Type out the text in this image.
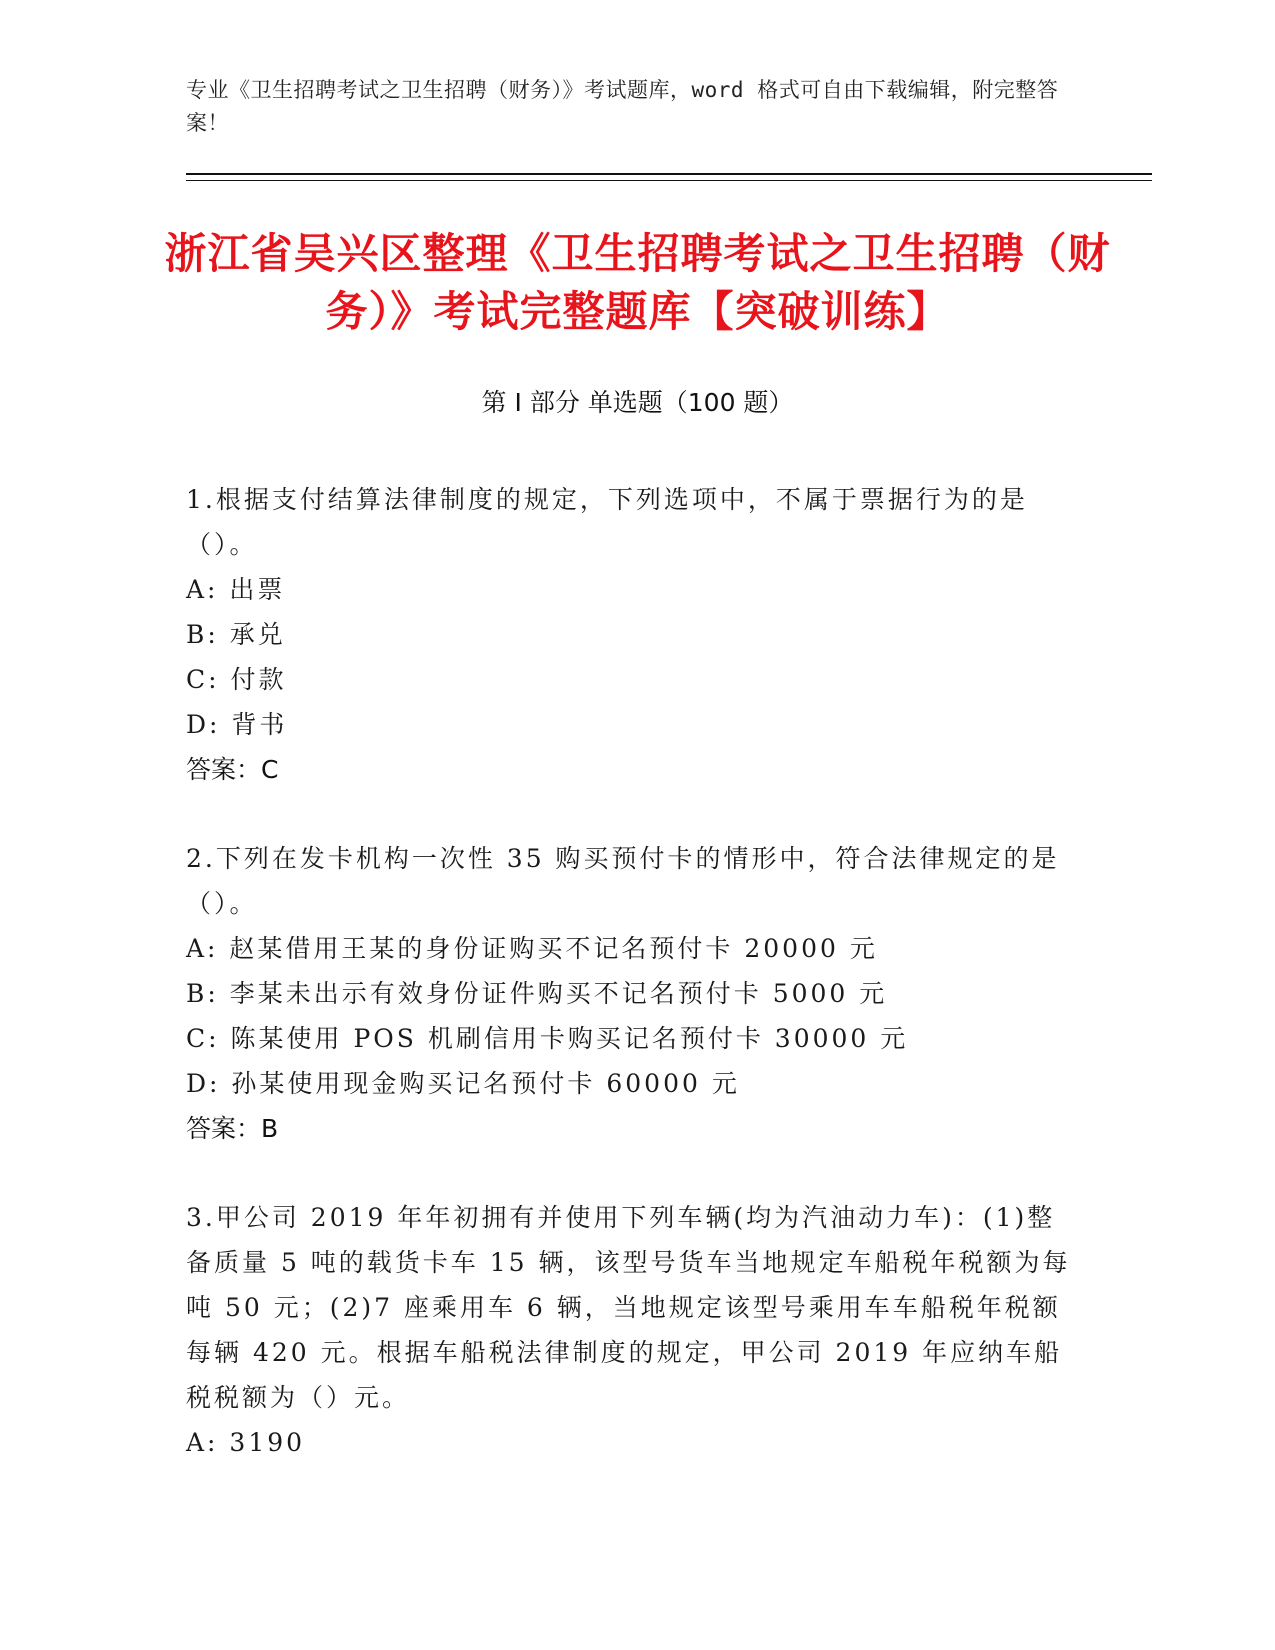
专业《卫生招聘考试之卫生招聘（财务）》考试题库，word 格式可自由下载编辑，附完整答案！
浙江省吴兴区整理《卫生招聘考试之卫生招聘（财务）》考试完整题库【突破训练】
第 I 部分 单选题（100 题）

1.根据支付结算法律制度的规定，下列选项中，不属于票据行为的是（）。

A: 出票

B: 承兑

C: 付款

D: 背书

答案：C

2.下列在发卡机构一次性 35 购买预付卡的情形中，符合法律规定的是（）。

A: 赵某借用王某的身份证购买不记名预付卡 20000 元

B: 李某未出示有效身份证件购买不记名预付卡 5000 元

C: 陈某使用 POS 机刷信用卡购买记名预付卡 30000 元

D: 孙某使用现金购买记名预付卡 60000 元

答案：B

3.甲公司 2019 年年初拥有并使用下列车辆(均为汽油动力车)：(1)整备质量 5 吨的载货卡车 15 辆，该型号货车当地规定车船税年税额为每吨 50 元；(2)7 座乘用车 6 辆，当地规定该型号乘用车车船税年税额每辆 420 元。根据车船税法律制度的规定，甲公司 2019 年应纳车船税税额为（）元。

A: 3190
